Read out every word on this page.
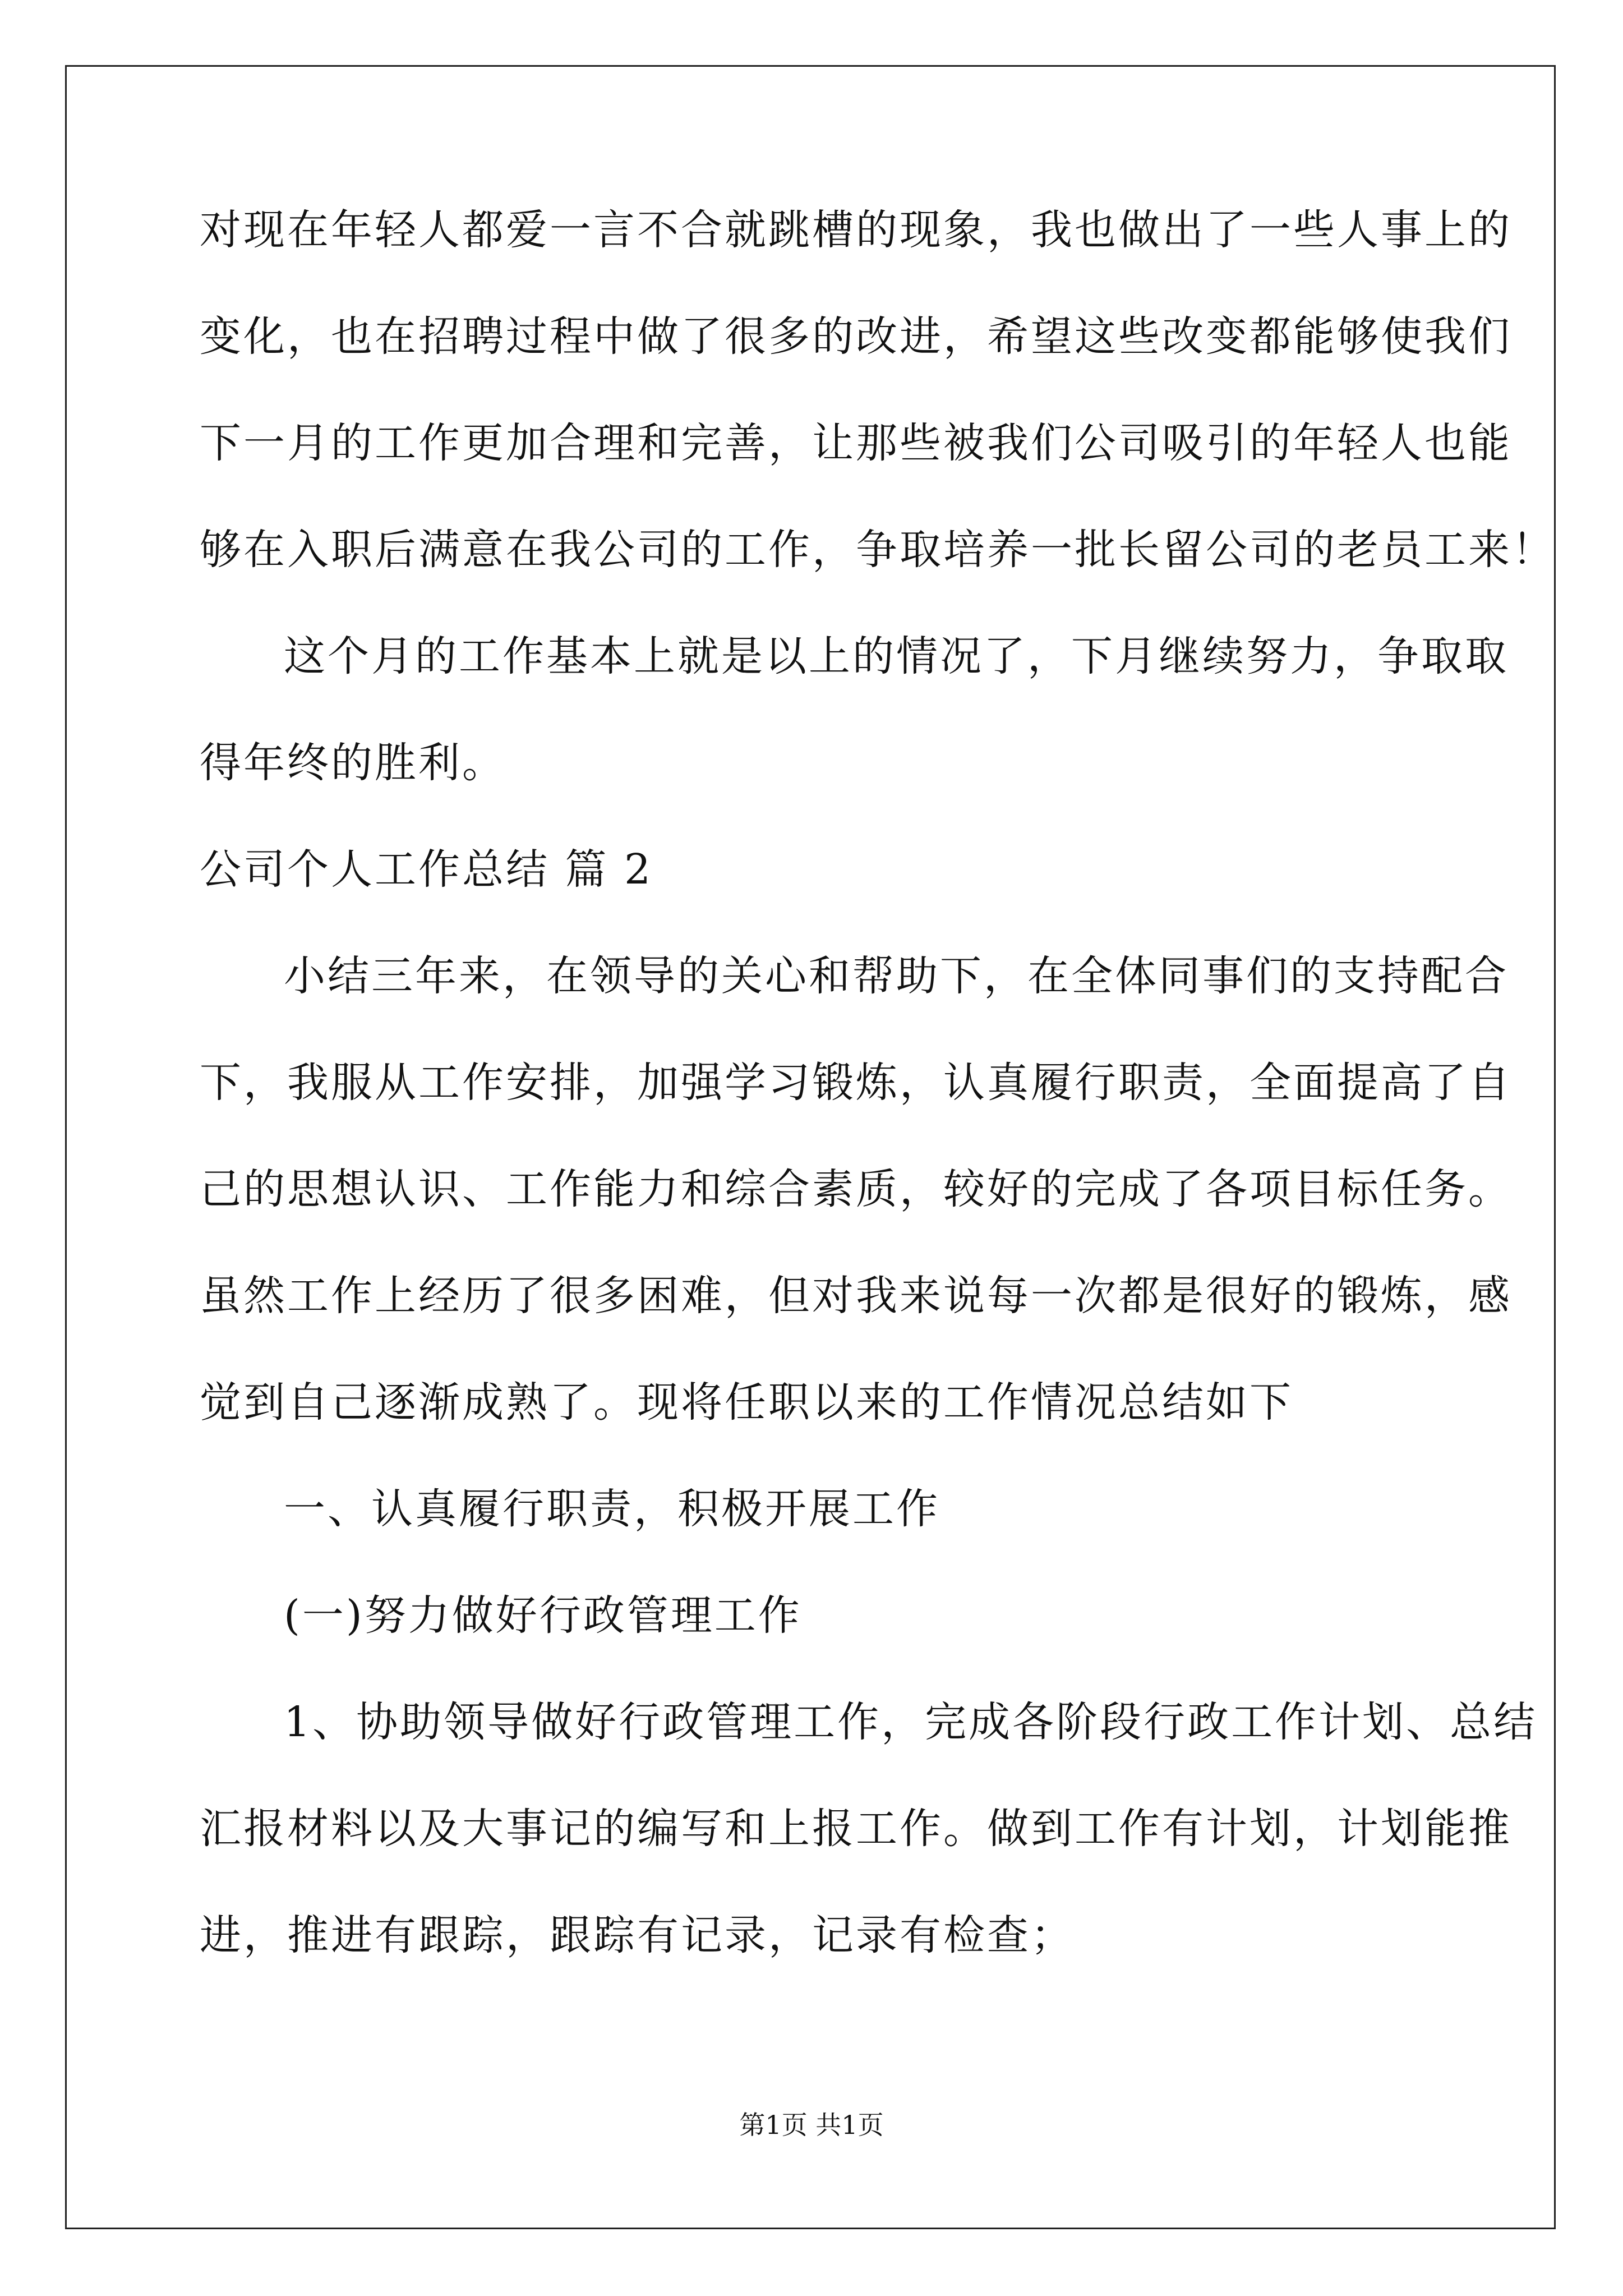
对现在年轻人都爱一言不合就跳槽的现象，我也做出了一些人事上的
变化，也在招聘过程中做了很多的改进，希望这些改变都能够使我们
下一月的工作更加合理和完善，让那些被我们公司吸引的年轻人也能
够在入职后满意在我公司的工作，争取培养一批长留公司的老员工来！
这个月的工作基本上就是以上的情况了，下月继续努力，争取取
得年终的胜利。
公司个人工作总结 篇 2
小结三年来，在领导的关心和帮助下，在全体同事们的支持配合
下，我服从工作安排，加强学习锻炼，认真履行职责，全面提高了自
己的思想认识、工作能力和综合素质，较好的完成了各项目标任务。
虽然工作上经历了很多困难，但对我来说每一次都是很好的锻炼，感
觉到自己逐渐成熟了。现将任职以来的工作情况总结如下
一、认真履行职责，积极开展工作
(一)努力做好行政管理工作
1、协助领导做好行政管理工作，完成各阶段行政工作计划、总结
汇报材料以及大事记的编写和上报工作。做到工作有计划，计划能推
进，推进有跟踪，跟踪有记录，记录有检查；
第1页 共1页
